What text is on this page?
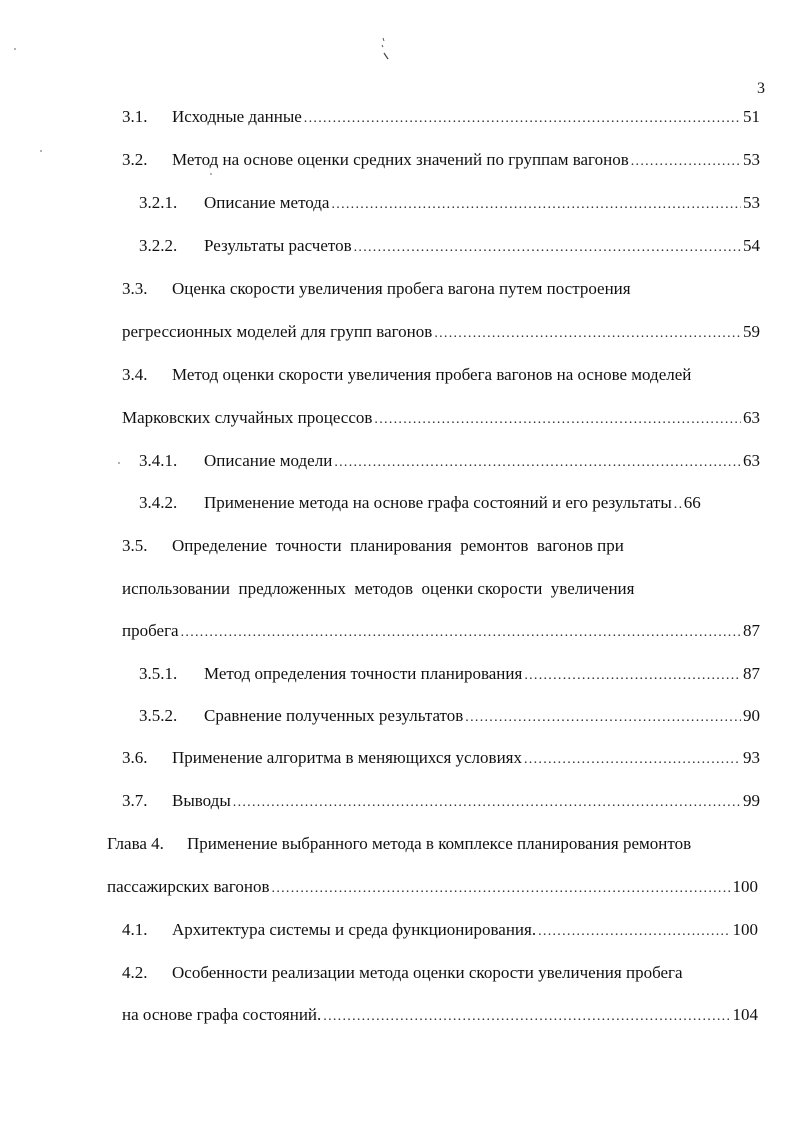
3
3.1.	Исходные данные .....	51
3.2.	Метод на основе оценки средних значений по группам вагонов .....	53
3.2.1.	Описание метода .....	53
3.2.2.	Результаты расчетов .....	54
3.3. Оценка скорости увеличения пробега вагона путем построения
регрессионных моделей для групп вагонов .....	59
3.4. Метод оценки скорости увеличения пробега вагонов на основе моделей
Марковских случайных процессов .....	63
3.4.1.	Описание модели .....	63
3.4.2.	Применение метода на основе графа состояний и его результаты ..... 66
3.5. Определение  точности  планирования  ремонтов  вагонов при
использовании  предложенных  методов  оценки скорости  увеличения
пробега .....	87
3.5.1.	Метод определения точности планирования .....	87
3.5.2.	Сравнение полученных результатов .....	90
3.6.	Применение алгоритма в меняющихся условиях .....	93
3.7.	Выводы .....	99
Глава 4. Применение выбранного метода в комплексе планирования ремонтов
пассажирских вагонов .....	100
4.1.	Архитектура системы и среда функционирования. .....	100
4.2. Особенности реализации метода оценки скорости увеличения пробега
на основе графа состояний. .....	104
